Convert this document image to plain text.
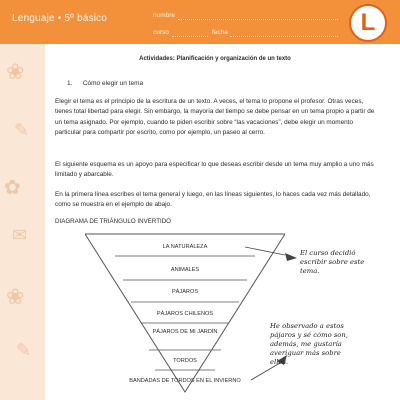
❀
✎
✿
✉
❀
✎
Lenguaje • 5º básico	nombre
curso	fecha	L
Actividades: Planificación y organización de un texto
1. Cómo elegir un tema

Elegir el tema es el principio de la escritura de un texto. A veces, el tema lo propone el profesor. Otras veces, tienes total libertad para elegir. Sin embargo, la mayoría del tiempo se debe pensar en un tema propio a partir de un tema asignado. Por ejemplo, cuando te piden escribir sobre “las vacaciones”, debe elegir un momento particular para compartir por escrito, como por ejemplo, un paseo al cerro.

El siguiente esquema es un apoyo para especificar lo que deseas escribir desde un tema muy amplio a uno más limitado y abarcable.

En la primera línea escribes el tema general y luego, en las líneas siguientes, lo haces cada vez más detallado, como se muestra en el ejemplo de abajo.

DIAGRAMA DE TRIÁNGULO INVERTIDO
LA NATURALEZA
ANIMALES
PÁJAROS
PÁJAROS CHILENOS
PÁJAROS DE MI JARDÍN
TORDOS
BANDADAS DE TORDOS EN EL INVIERNO
El curso decidió escribir sobre este tema.
He observado a estos pájaros y sé cómo son, además, me gustaría averiguar más sobre ellos.
